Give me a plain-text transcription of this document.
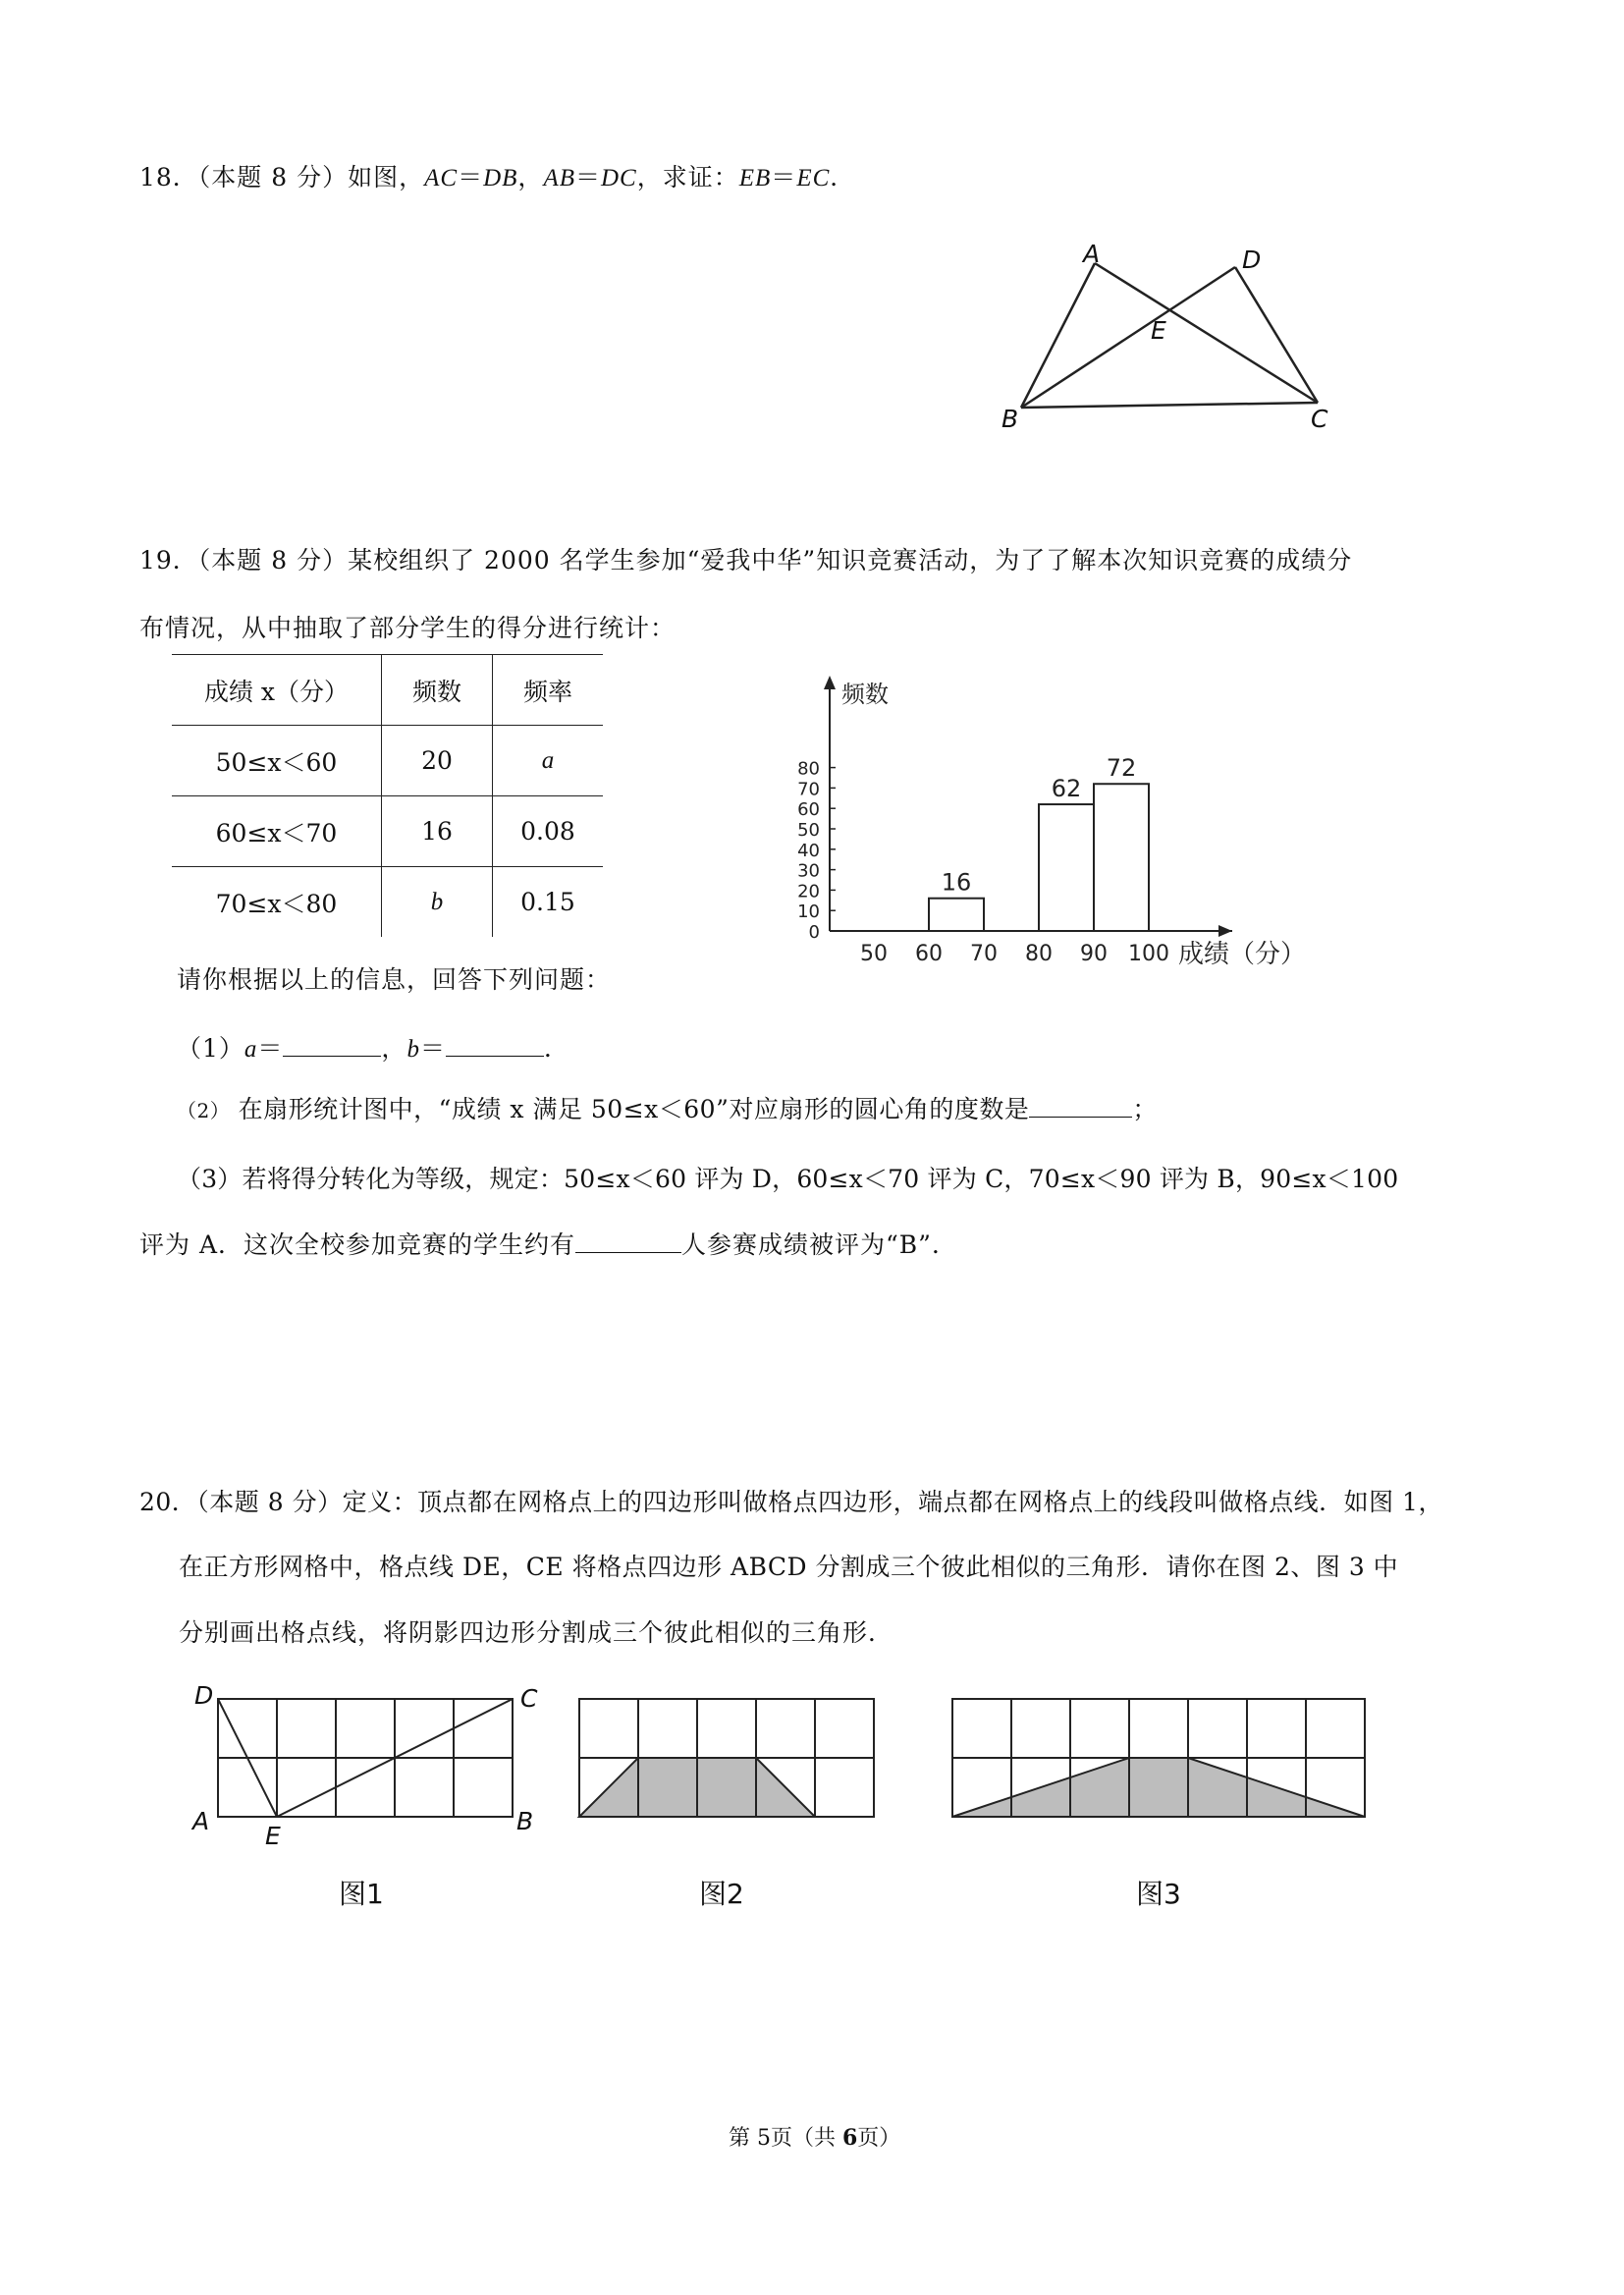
18．（本题 8 分）如图，AC＝DB，AB＝DC，求证：EB＝EC．
A	D
E
B	C
19．（本题 8 分）某校组织了 2000 名学生参加“爱我中华”知识竞赛活动，为了了解本次知识竞赛的成绩分
布情况，从中抽取了部分学生的得分进行统计：
成绩 x（分）	频数	频率
50≤x＜60	20	a
60≤x＜70	16	0.08
70≤x＜80	b	0.15
频数
0
10
20
30
40
50
60
70
80
50 60 70 80 90 100 成绩（分）
16
62
72
请你根据以上的信息，回答下列问题：
（1）a＝	，b＝	．
（2） 在扇形统计图中，“成绩 x 满足 50≤x＜60”对应扇形的圆心角的度数是	；
（3）若将得分转化为等级，规定：50≤x＜60 评为 D，60≤x＜70 评为 C，70≤x＜90 评为 B，90≤x＜100
评为 A．这次全校参加竞赛的学生约有	人参赛成绩被评为“B”．
20．（本题 8 分）定义：顶点都在网格点上的四边形叫做格点四边形，端点都在网格点上的线段叫做格点线．如图 1，
在正方形网格中，格点线 DE，CE 将格点四边形 ABCD 分割成三个彼此相似的三角形．请你在图 2、图 3 中
分别画出格点线，将阴影四边形分割成三个彼此相似的三角形．
D	C
A
E
B
图1	图2	图3
第 5页（共 6页）
